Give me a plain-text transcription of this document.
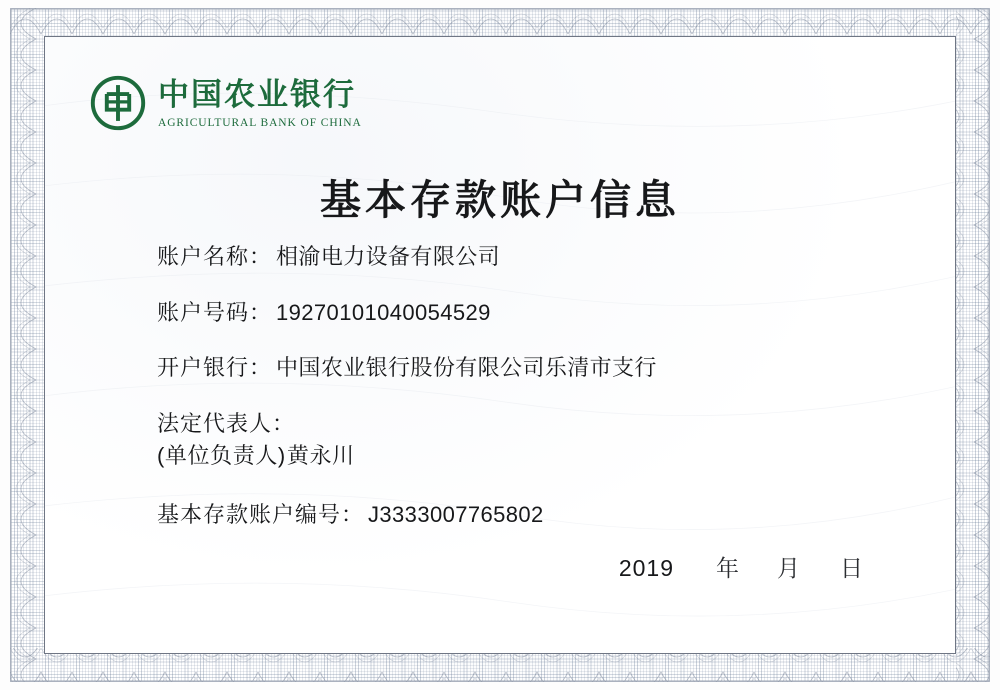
中国农业银行
AGRICULTURAL BANK OF CHINA
基本存款账户信息
账户名称： 相渝电力设备有限公司
账户号码： 19270101040054529
开户银行： 中国农业银行股份有限公司乐清市支行
法定代表人：
(单位负责人)黄永川
基本存款账户编号： J3333007765802
2019 年 月 日
